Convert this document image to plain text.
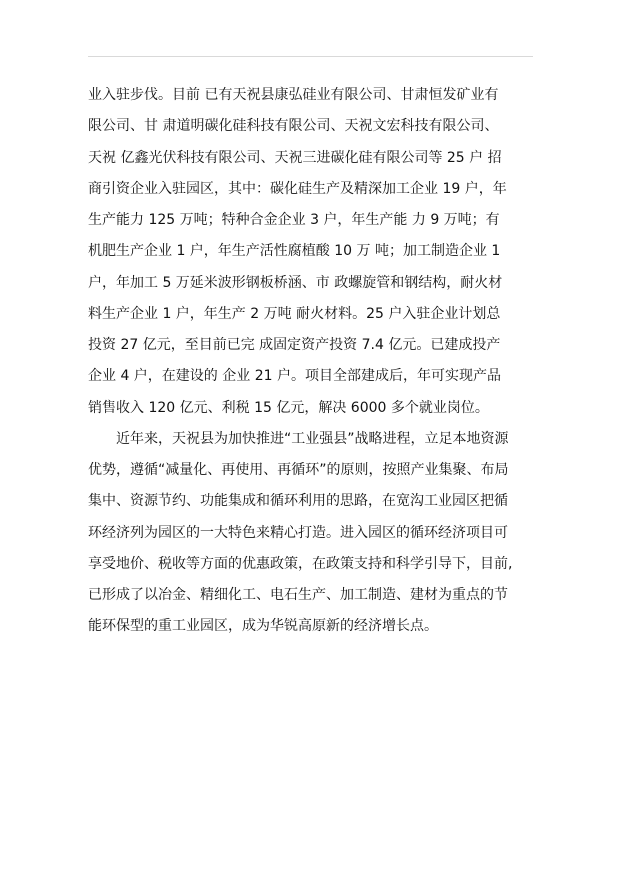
业入驻步伐。目前 已有天祝县康弘硅业有限公司、甘肃恒发矿业有
限公司、甘 肃道明碳化硅科技有限公司、天祝文宏科技有限公司、
天祝 亿鑫光伏科技有限公司、天祝三进碳化硅有限公司等 25 户 招
商引资企业入驻园区，其中：碳化硅生产及精深加工企业 19 户，年
生产能力 125 万吨；特种合金企业 3 户，年生产能 力 9 万吨；有
机肥生产企业 1 户，年生产活性腐植酸 10 万 吨；加工制造企业 1
户，年加工 5 万延米波形钢板桥涵、市 政螺旋管和钢结构，耐火材
料生产企业 1 户，年生产 2 万吨 耐火材料。25 户入驻企业计划总
投资 27 亿元，至目前已完 成固定资产投资 7.4 亿元。已建成投产
企业 4 户，在建设的 企业 21 户。项目全部建成后，年可实现产品
销售收入 120 亿元、利税 15 亿元，解决 6000 多个就业岗位。
近年来，天祝县为加快推进“工业强县”战略进程，立足本地资源
优势，遵循“减量化、再使用、再循环”的原则，按照产业集聚、布局
集中、资源节约、功能集成和循环利用的思路，在宽沟工业园区把循
环经济列为园区的一大特色来精心打造。进入园区的循环经济项目可
享受地价、税收等方面的优惠政策，在政策支持和科学引导下，目前,
已形成了以冶金、精细化工、电石生产、加工制造、建材为重点的节
能环保型的重工业园区，成为华锐高原新的经济增长点。
